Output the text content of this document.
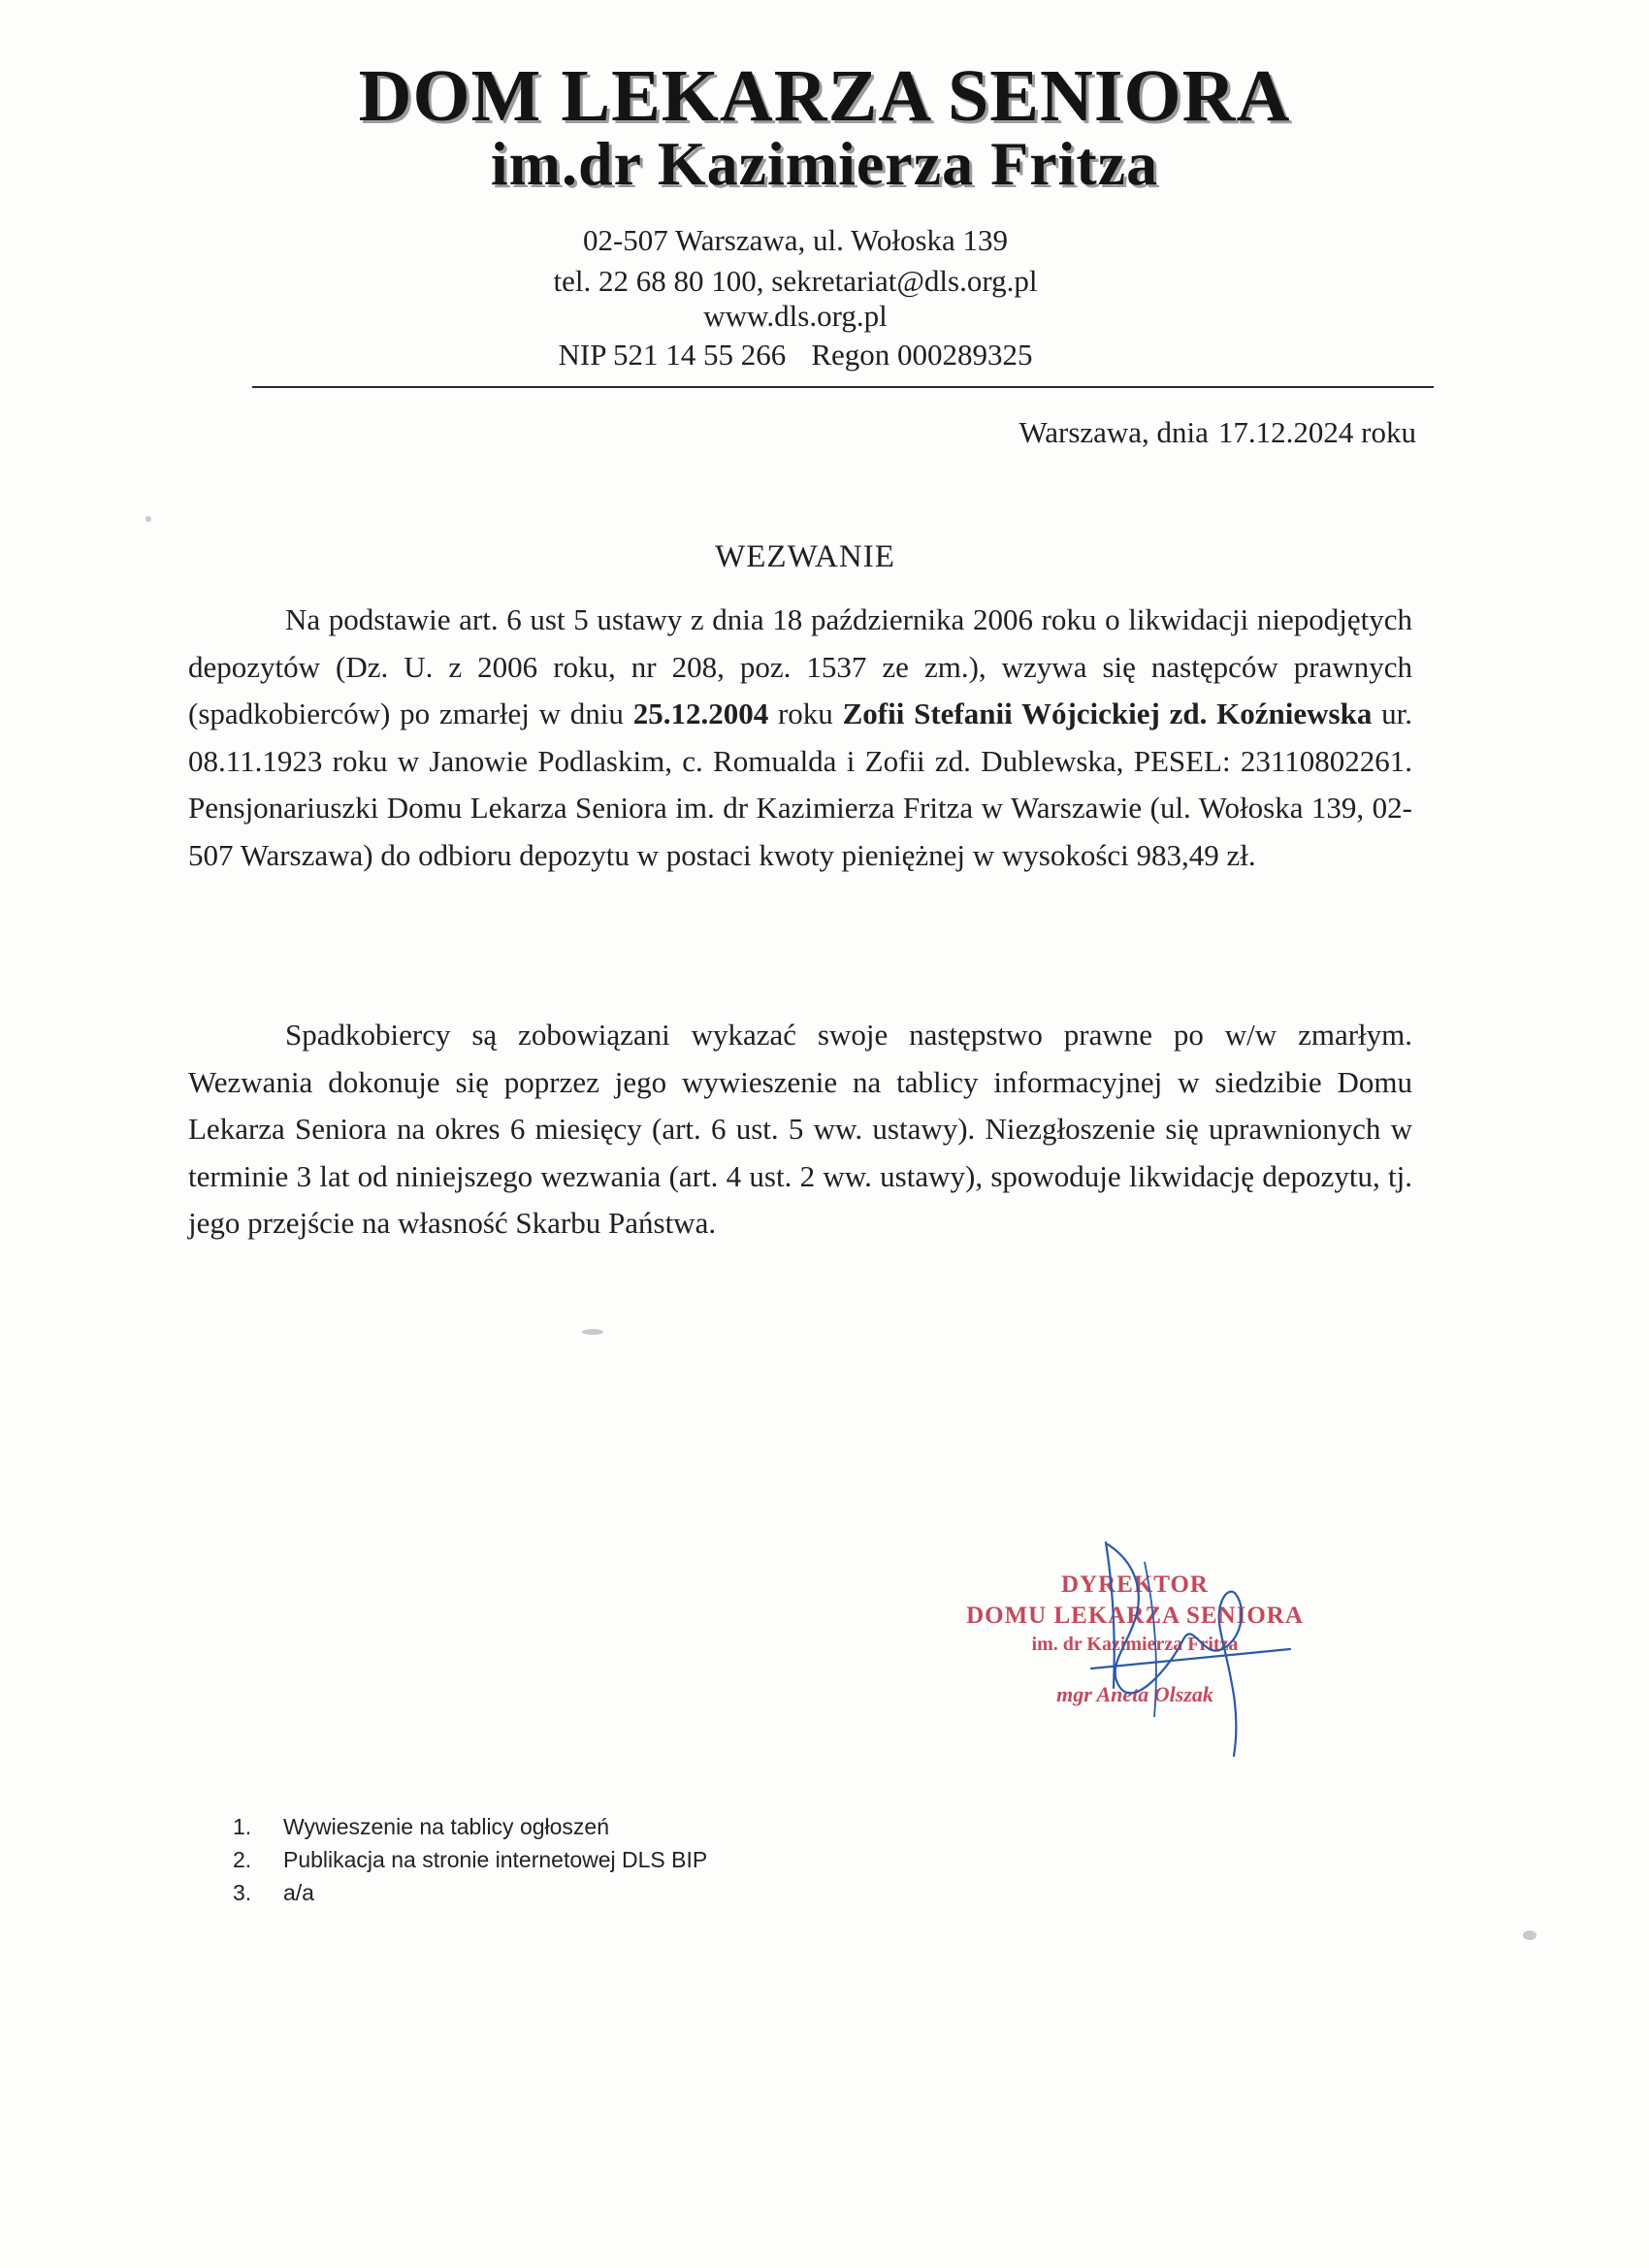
DOM LEKARZA SENIORA
im.dr Kazimierza Fritza
02-507 Warszawa, ul. Wołoska 139
tel. 22 68 80 100, sekretariat@dls.org.pl
www.dls.org.pl
NIP 521 14 55 266 Regon 000289325
Warszawa, dnia 17.12.2024 roku
WEZWANIE

Na podstawie art. 6 ust 5 ustawy z dnia 18 października 2006 roku o likwidacji niepodjętych depozytów (Dz. U. z 2006 roku, nr 208, poz. 1537 ze zm.), wzywa się następców prawnych (spadkobierców) po zmarłej w dniu 25.12.2004 roku Zofii Stefanii Wójcickiej zd. Koźniewska ur. 08.11.1923 roku w Janowie Podlaskim, c. Romualda i Zofii zd. Dublewska, PESEL: 23110802261. Pensjonariuszki Domu Lekarza Seniora im. dr Kazimierza Fritza w Warszawie (ul. Wołoska 139, 02-507 Warszawa) do odbioru depozytu w postaci kwoty pieniężnej w wysokości 983,49 zł.

Spadkobiercy są zobowiązani wykazać swoje następstwo prawne po w/w zmarłym. Wezwania dokonuje się poprzez jego wywieszenie na tablicy informacyjnej w siedzibie Domu Lekarza Seniora na okres 6 miesięcy (art. 6 ust. 5 ww. ustawy). Niezgłoszenie się uprawnionych w terminie 3 lat od niniejszego wezwania (art. 4 ust. 2 ww. ustawy), spowoduje likwidację depozytu, tj. jego przejście na własność Skarbu Państwa.

DYREKTOR
DOMU LEKARZA SENIORA
im. dr Kazimierza Fritza
mgr Aneta Olszak
1. Wywieszenie na tablicy ogłoszeń
2. Publikacja na stronie internetowej DLS BIP
3. a/a
